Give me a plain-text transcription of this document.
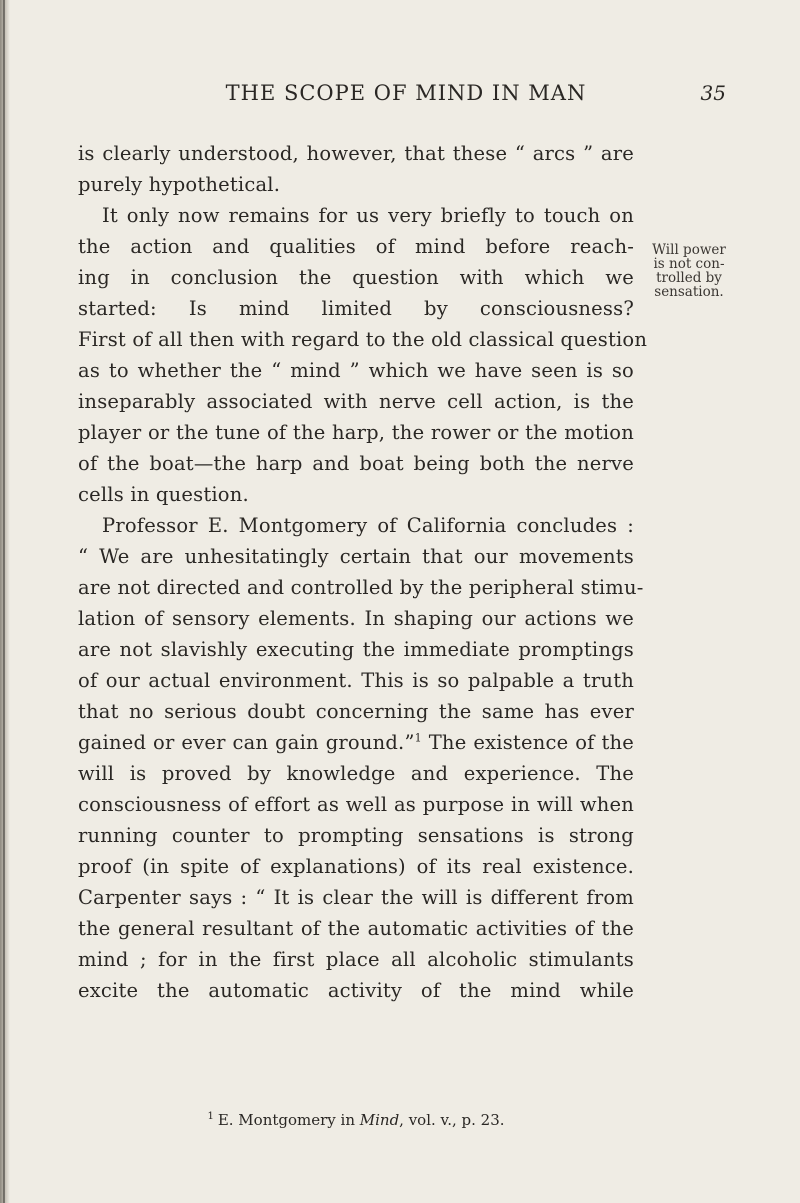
THE SCOPE OF MIND IN MAN	35
is clearly understood, however, that these “ arcs ” are
purely hypothetical.
It only now remains for us very briefly to touch on
the action and qualities of mind before reach-
ing in conclusion the question with which we
started: Is mind limited by consciousness?
First of all then with regard to the old classical question
as to whether the “ mind ” which we have seen is so
inseparably associated with nerve cell action, is the
player or the tune of the harp, the rower or the motion
of the boat—the harp and boat being both the nerve
cells in question.
Professor E. Montgomery of California concludes :
“ We are unhesitatingly certain that our movements
are not directed and controlled by the peripheral stimu-
lation of sensory elements. In shaping our actions we
are not slavishly executing the immediate promptings
of our actual environment. This is so palpable a truth
that no serious doubt concerning the same has ever
gained or ever can gain ground.”$^1$ The existence of the
will is proved by knowledge and experience. The
consciousness of effort as well as purpose in will when
running counter to prompting sensations is strong
proof (in spite of explanations) of its real existence.
Carpenter says : “ It is clear the will is different from
the general resultant of the automatic activities of the
mind ; for in the first place all alcoholic stimulants
excite the automatic activity of the mind while
Will power
is not con-
trolled by
sensation.
$^1$ E. Montgomery in Mind, vol. v., p. 23.
